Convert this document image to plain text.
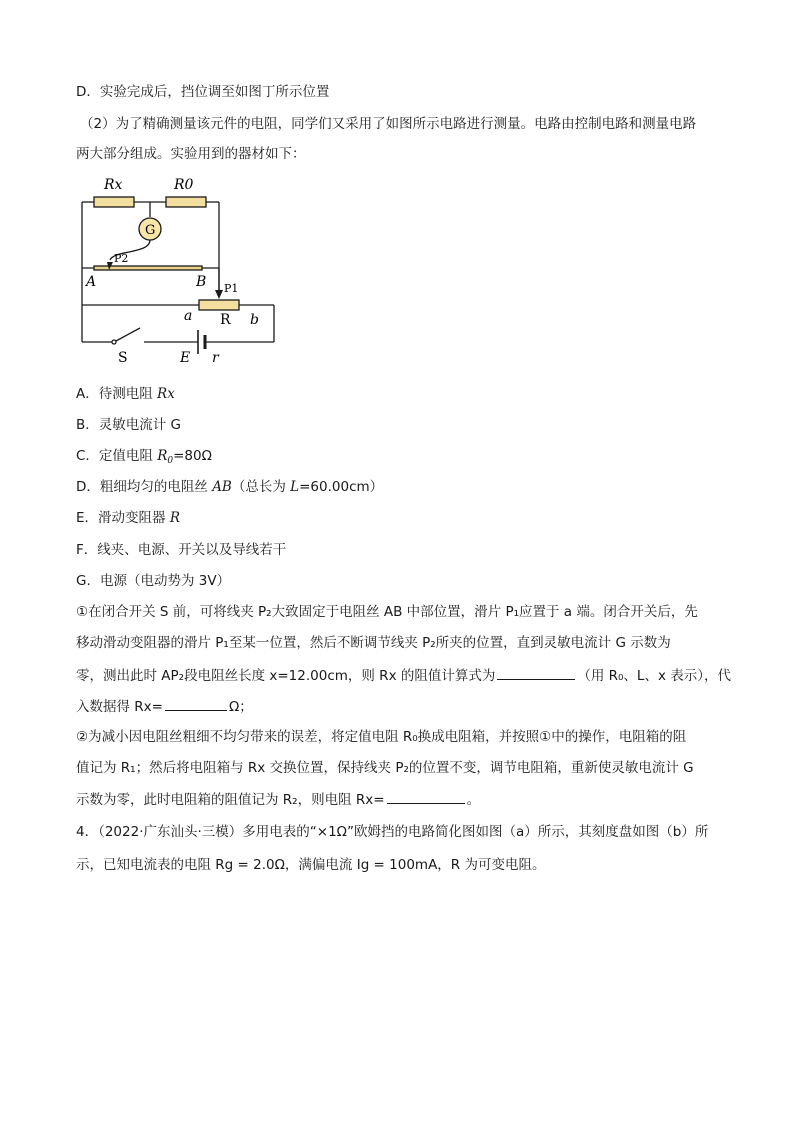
D．实验完成后，挡位调至如图丁所示位置
（2）为了精确测量该元件的电阻，同学们又采用了如图所示电路进行测量。电路由控制电路和测量电路
两大部分组成。实验用到的器材如下：
Rx	R0
G
P2
P1
A	B
a R b
S	E r
A．待测电阻 Rx
B．灵敏电流计 G
C．定值电阻 $R_0=80\Omega$
D．粗细均匀的电阻丝 AB（总长为 L=60.00cm）
E．滑动变阻器 R
F．线夹、电源、开关以及导线若干
G．电源（电动势为 3V）
①在闭合开关 S 前，可将线夹 P₂大致固定于电阻丝 AB 中部位置，滑片 P₁应置于 a 端。闭合开关后，先
移动滑动变阻器的滑片 P₁至某一位置，然后不断调节线夹 P₂所夹的位置，直到灵敏电流计 G 示数为
零，测出此时 AP₂段电阻丝长度 x=12.00cm，则 Rx 的阻值计算式为	（用 R₀、L、x 表示），代
入数据得 Rx=	Ω；
②为减小因电阻丝粗细不均匀带来的误差，将定值电阻 R₀换成电阻箱，并按照①中的操作，电阻箱的阻
值记为 R₁；然后将电阻箱与 Rx 交换位置，保持线夹 P₂的位置不变，调节电阻箱，重新使灵敏电流计 G
示数为零，此时电阻箱的阻值记为 R₂，则电阻 Rx=	。
4．（2022·广东汕头·三模）多用电表的“×1Ω”欧姆挡的电路简化图如图（a）所示，其刻度盘如图（b）所
示，已知电流表的电阻 Rg = 2.0Ω，满偏电流 Ig = 100mA，R 为可变电阻。
